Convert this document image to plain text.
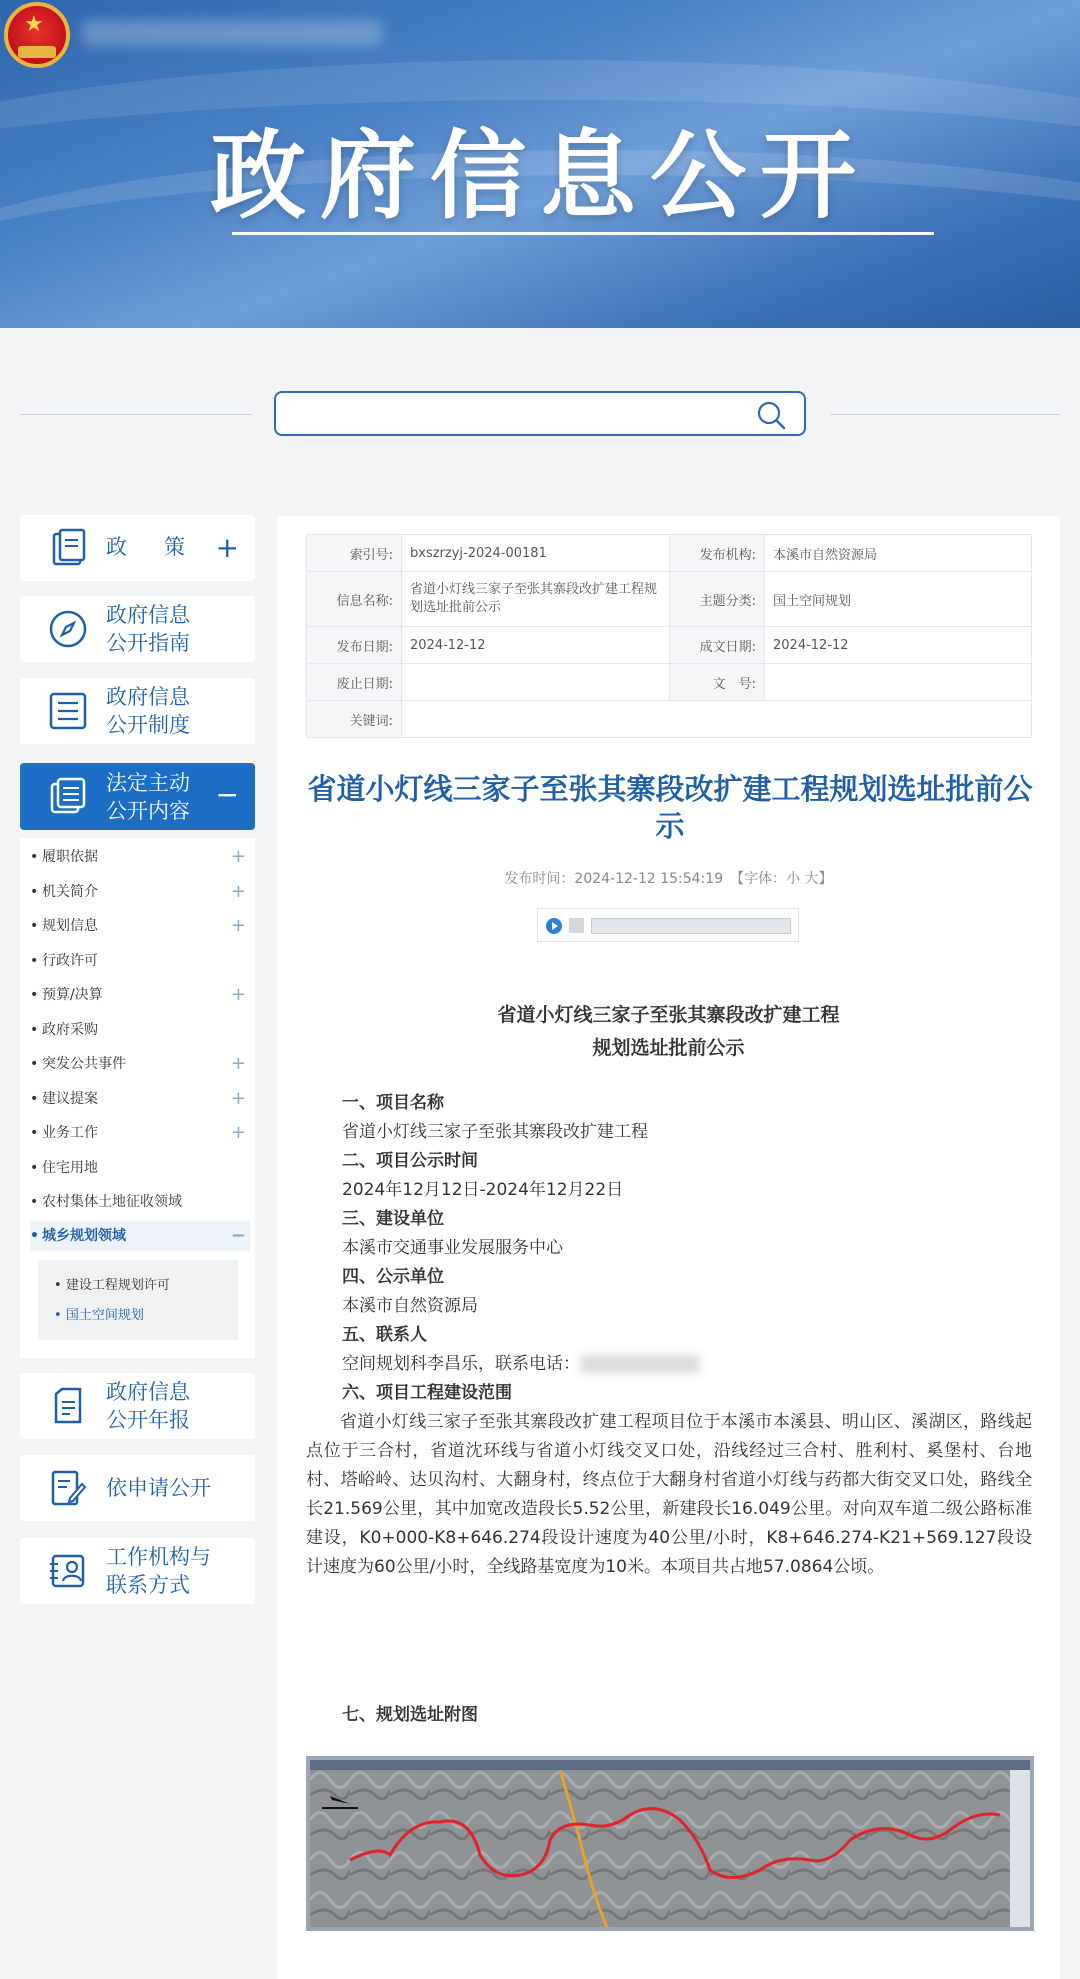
★
政府信息公开
政　策 +
政府信息
公开指南
政府信息
公开制度
法定主动
公开内容 −
• 履职依据	+
• 机关简介	+
• 规划信息	+
• 行政许可
• 预算/决算	+
• 政府采购
• 突发公共事件	+
• 建议提案	+
• 业务工作	+
• 住宅用地
• 农村集体土地征收领域
• 城乡规划领域	−
• 建设工程规划许可
• 国土空间规划
政府信息
公开年报
依申请公开
工作机构与
联系方式
索引号:	bxszrzyj-2024-00181	发布机构:	本溪市自然资源局
信息名称:	省道小灯线三家子至张其寨段改扩建工程规划选址批前公示	主题分类:	国土空间规划
发布日期:	2024-12-12	成文日期:	2024-12-12
废止日期:		文　号:	
关键词:			
省道小灯线三家子至张其寨段改扩建工程规划选址批前公示
发布时间：2024-12-12 15:54:19　【字体：小 大】
省道小灯线三家子至张其寨段改扩建工程
规划选址批前公示
一、项目名称
省道小灯线三家子至张其寨段改扩建工程
二、项目公示时间
2024年12月12日-2024年12月22日
三、建设单位
本溪市交通事业发展服务中心
四、公示单位
本溪市自然资源局
五、联系人
空间规划科李昌乐，联系电话：
六、项目工程建设范围
省道小灯线三家子至张其寨段改扩建工程项目位于本溪市本溪县、明山区、溪湖区，路线起点位于三合村，省道沈环线与省道小灯线交叉口处，沿线经过三合村、胜利村、奚堡村、台地村、塔峪岭、达贝沟村、大翻身村，终点位于大翻身村省道小灯线与药都大街交叉口处，路线全长21.569公里，其中加宽改造段长5.52公里，新建段长16.049公里。对向双车道二级公路标准建设，K0+000-K8+646.274段设计速度为40公里/小时，K8+646.274-K21+569.127段设计速度为60公里/小时，全线路基宽度为10米。本项目共占地57.0864公顷。
七、规划选址附图
